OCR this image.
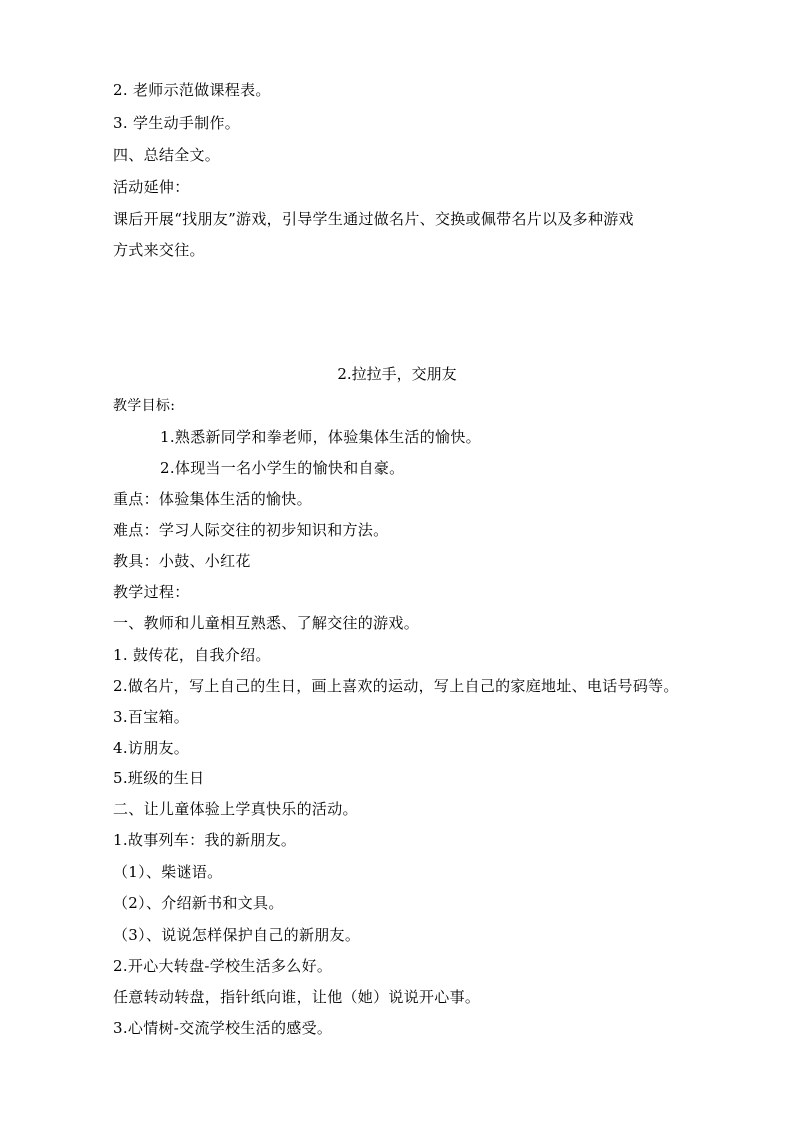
2. 老师示范做课程表。
3. 学生动手制作。
四、总结全文。
活动延伸：
课后开展“找朋友”游戏，引导学生通过做名片、交换或佩带名片以及多种游戏
方式来交往。
2.拉拉手，交朋友
教学目标:
1.熟悉新同学和拳老师，体验集体生活的愉快。
2.体现当一名小学生的愉快和自豪。
重点：体验集体生活的愉快。
难点：学习人际交往的初步知识和方法。
教具：小鼓、小红花
教学过程：
一、教师和儿童相互熟悉、了解交往的游戏。
1. 鼓传花，自我介绍。
2.做名片，写上自己的生日，画上喜欢的运动，写上自己的家庭地址、电话号码等。
3.百宝箱。
4.访朋友。
5.班级的生日
二、让儿童体验上学真快乐的活动。
1.故事列车：我的新朋友。
（1）、柴谜语。
（2）、介绍新书和文具。
（3）、说说怎样保护自己的新朋友。
2.开心大转盘-学校生活多么好。
任意转动转盘，指针纸向谁，让他（她）说说开心事。
3.心情树-交流学校生活的感受。
